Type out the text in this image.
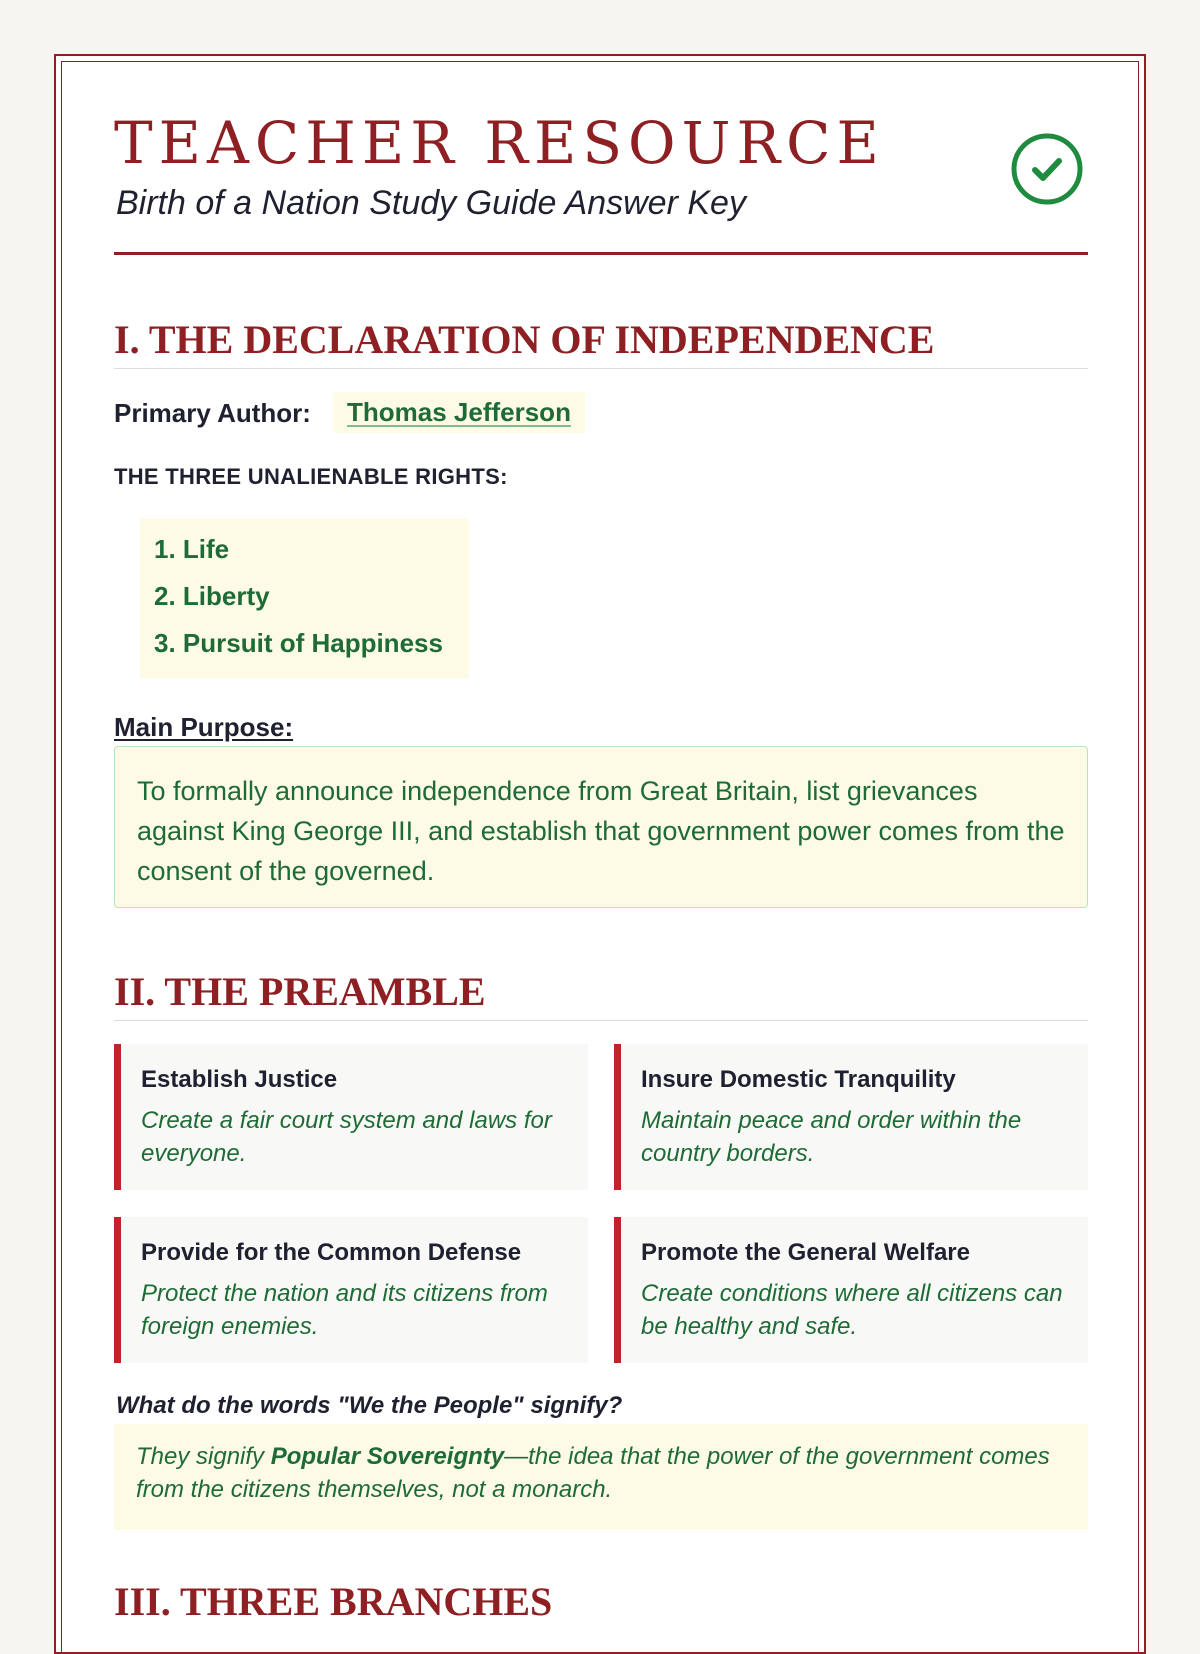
TEACHER RESOURCE
Birth of a Nation Study Guide Answer Key
I. THE DECLARATION OF INDEPENDENCE
Primary Author:	Thomas Jefferson
THE THREE UNALIENABLE RIGHTS:
1. Life
2. Liberty
3. Pursuit of Happiness
Main Purpose:
To formally announce independence from Great Britain, list grievances against King George III, and establish that government power comes from the consent of the governed.
II. THE PREAMBLE

Establish Justice

Create a fair court system and laws for everyone.

Insure Domestic Tranquility

Maintain peace and order within the country borders.

Provide for the Common Defense

Protect the nation and its citizens from foreign enemies.

Promote the General Welfare

Create conditions where all citizens can be healthy and safe.

What do the words "We the People" signify?
They signify Popular Sovereignty—the idea that the power of the government comes from the citizens themselves, not a monarch.
III. THREE BRANCHES
